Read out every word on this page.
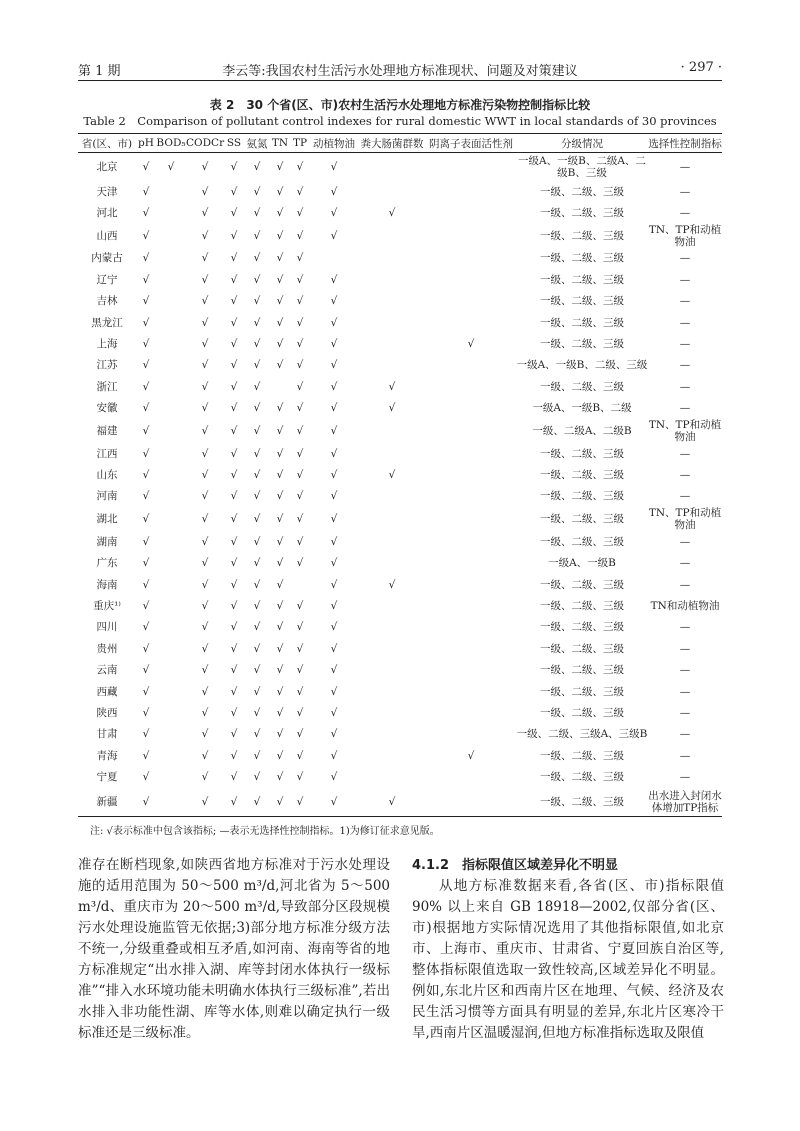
第 1 期	李云等:我国农村生活污水处理地方标准现状、问题及对策建议	· 297 ·
表 2　30 个省(区、市)农村生活污水处理地方标准污染物控制指标比较
Table 2　Comparison of pollutant control indexes for rural domestic WWT in local standards of 30 provinces
省(区、市)	pH	BOD₅	CODCr	SS	氨氮	TN	TP	动植物油	粪大肠菌群数	阴离子表面活性剂	分级情况	选择性控制指标
北京	√	√	√	√	√	√	√	√			一级A、一级B、二级A、二级B、三级	—
天津	√		√	√	√	√	√	√			一级、二级、三级	—
河北	√		√	√	√	√	√	√	√		一级、二级、三级	—
山西	√		√	√	√	√	√	√			一级、二级、三级	TN、TP和动植物油
内蒙古	√		√	√	√	√	√				一级、二级、三级	—
辽宁	√		√	√	√	√	√	√			一级、二级、三级	—
吉林	√		√	√	√	√	√	√			一级、二级、三级	—
黑龙江	√		√	√	√	√	√	√			一级、二级、三级	—
上海	√		√	√	√	√	√	√		√	一级、二级、三级	—
江苏	√		√	√	√	√	√	√			一级A、一级B、二级、三级	—
浙江	√		√	√	√		√	√	√		一级、二级、三级	—
安徽	√		√	√	√	√	√	√	√		一级A、一级B、二级	—
福建	√		√	√	√	√	√	√			一级、二级A、二级B	TN、TP和动植物油
江西	√		√	√	√	√	√	√			一级、二级、三级	—
山东	√		√	√	√	√	√	√	√		一级、二级、三级	—
河南	√		√	√	√	√	√	√			一级、二级、三级	—
湖北	√		√	√	√	√	√	√			一级、二级、三级	TN、TP和动植物油
湖南	√		√	√	√	√	√	√			一级、二级、三级	—
广东	√		√	√	√	√	√	√			一级A、一级B	—
海南	√		√	√	√	√		√	√		一级、二级、三级	—
重庆¹⁾	√		√	√	√	√	√	√			一级、二级、三级	TN和动植物油
四川	√		√	√	√	√	√	√			一级、二级、三级	—
贵州	√		√	√	√	√	√	√			一级、二级、三级	—
云南	√		√	√	√	√	√	√			一级、二级、三级	—
西藏	√		√	√	√	√	√	√			一级、二级、三级	—
陕西	√		√	√	√	√	√	√			一级、二级、三级	—
甘肃	√		√	√	√	√	√	√			一级、二级、三级A、三级B	—
青海	√		√	√	√	√	√	√		√	一级、二级、三级	—
宁夏	√		√	√	√	√	√	√			一级、二级、三级	—
新疆	√		√	√	√	√	√	√	√		一级、二级、三级	出水进入封闭水体增加TP指标
注: √表示标准中包含该指标; —表示无选择性控制指标。1)为修订征求意见版。

准存在断档现象,如陕西省地方标准对于污水处理设施的适用范围为 50～500 m³/d,河北省为 5～500 m³/d、重庆市为 20～500 m³/d,导致部分区段规模污水处理设施监管无依据;3)部分地方标准分级方法不统一,分级重叠或相互矛盾,如河南、海南等省的地方标准规定“出水排入湖、库等封闭水体执行一级标准”“排入水环境功能未明确水体执行三级标准”,若出水排入非功能性湖、库等水体,则难以确定执行一级标准还是三级标准。

4.1.2　指标限值区域差异化不明显

从地方标准数据来看,各省(区、市)指标限值 90% 以上来自 GB 18918—2002,仅部分省(区、市)根据地方实际情况选用了其他指标限值,如北京市、上海市、重庆市、甘肃省、宁夏回族自治区等,整体指标限值选取一致性较高,区域差异化不明显。例如,东北片区和西南片区在地理、气候、经济及农民生活习惯等方面具有明显的差异,东北片区寒冷干旱,西南片区温暖湿润,但地方标准指标选取及限值
